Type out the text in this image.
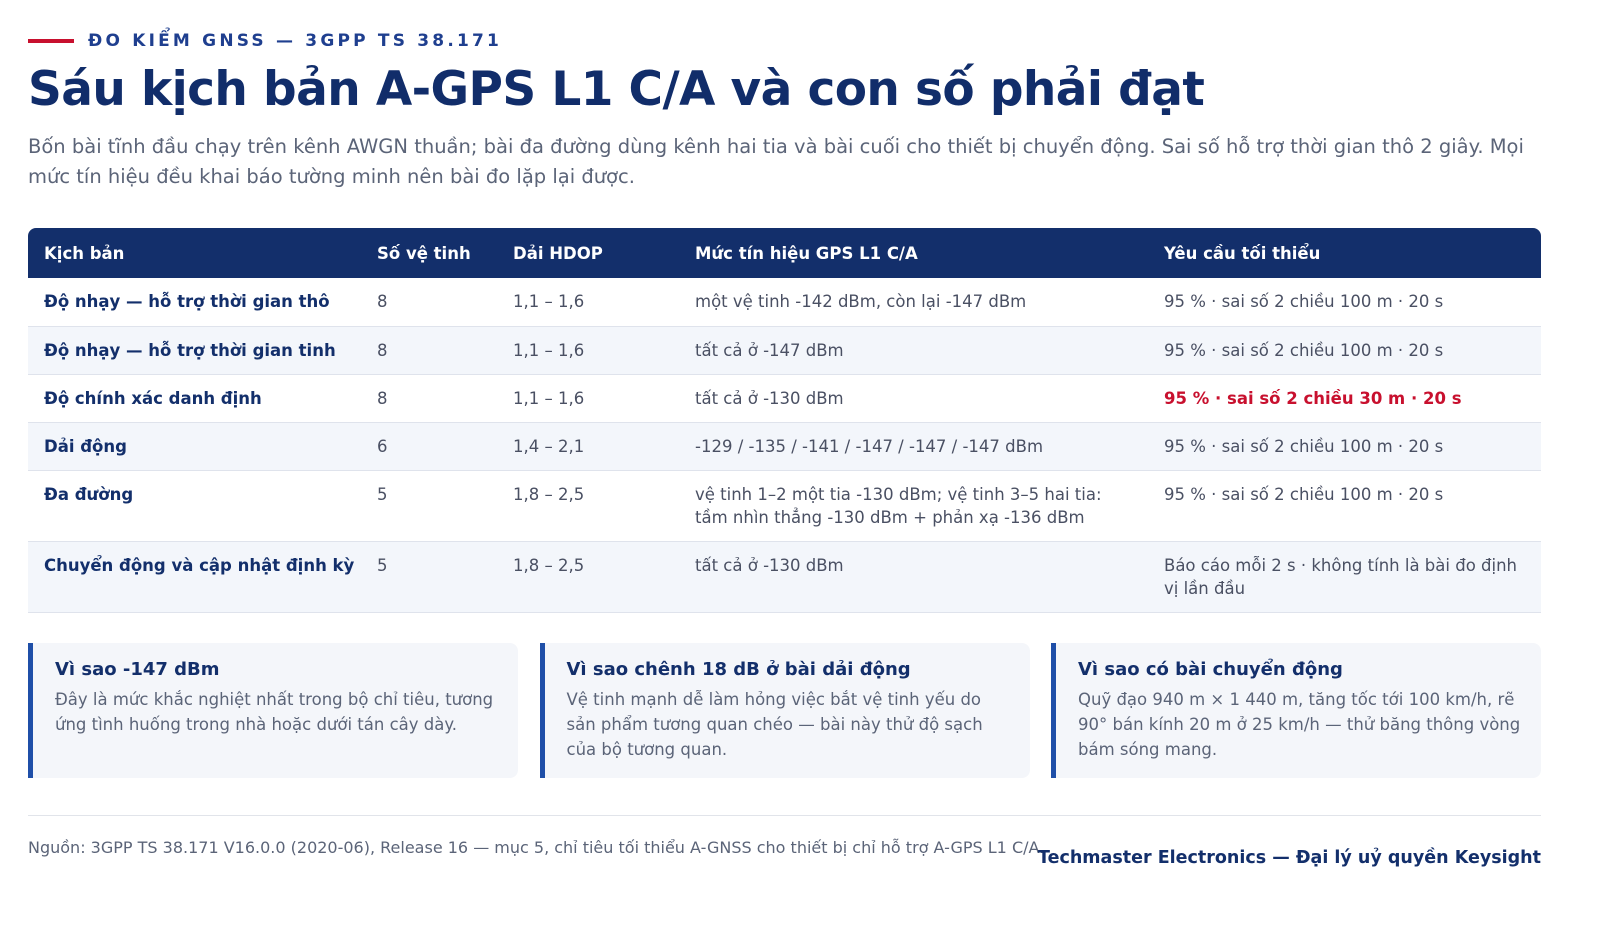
ĐO KIỂM GNSS — 3GPP TS 38.171
Sáu kịch bản A-GPS L1 C/A và con số phải đạt

Bốn bài tĩnh đầu chạy trên kênh AWGN thuần; bài đa đường dùng kênh hai tia và bài cuối cho thiết bị chuyển động. Sai số hỗ trợ thời gian thô 2 giây. Mọi mức tín hiệu đều khai báo tường minh nên bài đo lặp lại được.

Kịch bản	Số vệ tinh	Dải HDOP	Mức tín hiệu GPS L1 C/A	Yêu cầu tối thiểu
Độ nhạy — hỗ trợ thời gian thô	8	1,1 – 1,6	một vệ tinh -142 dBm, còn lại -147 dBm	95 % · sai số 2 chiều 100 m · 20 s
Độ nhạy — hỗ trợ thời gian tinh	8	1,1 – 1,6	tất cả ở -147 dBm	95 % · sai số 2 chiều 100 m · 20 s
Độ chính xác danh định	8	1,1 – 1,6	tất cả ở -130 dBm	95 % · sai số 2 chiều 30 m · 20 s
Dải động	6	1,4 – 2,1	-129 / -135 / -141 / -147 / -147 / -147 dBm	95 % · sai số 2 chiều 100 m · 20 s
Đa đường	5	1,8 – 2,5	vệ tinh 1–2 một tia -130 dBm; vệ tinh 3–5 hai tia: tầm nhìn thẳng -130 dBm + phản xạ -136 dBm	95 % · sai số 2 chiều 100 m · 20 s
Chuyển động và cập nhật định kỳ	5	1,8 – 2,5	tất cả ở -130 dBm	Báo cáo mỗi 2 s · không tính là bài đo định vị lần đầu
Vì sao -147 dBm
Đây là mức khắc nghiệt nhất trong bộ chỉ tiêu, tương ứng tình huống trong nhà hoặc dưới tán cây dày.
Vì sao chênh 18 dB ở bài dải động
Vệ tinh mạnh dễ làm hỏng việc bắt vệ tinh yếu do sản phẩm tương quan chéo — bài này thử độ sạch của bộ tương quan.
Vì sao có bài chuyển động
Quỹ đạo 940 m × 1 440 m, tăng tốc tới 100 km/h, rẽ 90° bán kính 20 m ở 25 km/h — thử băng thông vòng bám sóng mang.

Nguồn: 3GPP TS 38.171 V16.0.0 (2020-06), Release 16 — mục 5, chỉ tiêu tối thiểu A-GNSS cho thiết bị chỉ hỗ trợ A-GPS L1 C/A.

Techmaster Electronics — Đại lý uỷ quyền Keysight
